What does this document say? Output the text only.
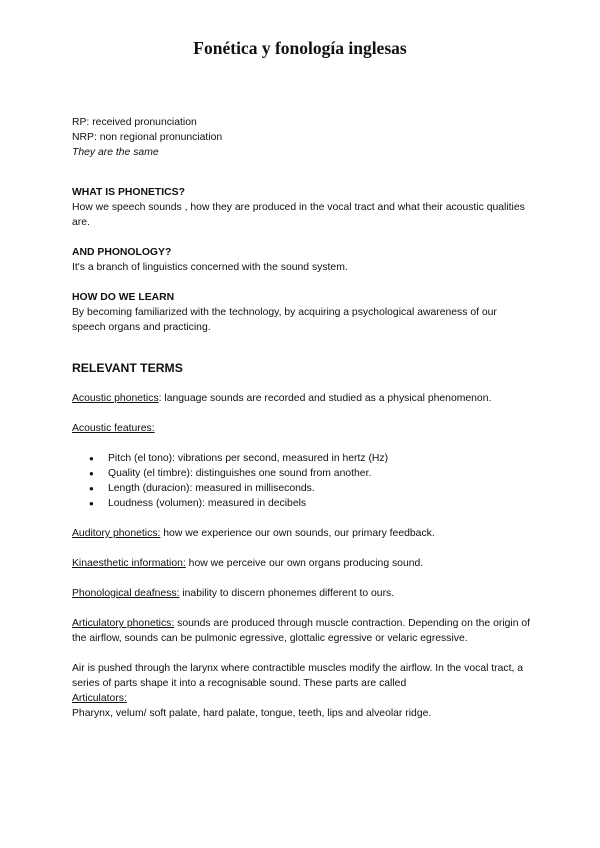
Fonética y fonología inglesas

RP: received pronunciation

NRP: non regional pronunciation

They are the same

WHAT IS PHONETICS?

How we speech sounds , how they are produced in the vocal tract and what their acoustic qualities are.

AND PHONOLOGY?

It's a branch of linguistics concerned with the sound system.

HOW DO WE LEARN

By becoming familiarized with the technology, by acquiring a psychological awareness of our speech organs and practicing.

RELEVANT TERMS

Acoustic phonetics: language sounds are recorded and studied as a physical phenomenon.

Acoustic features:

● Pitch (el tono): vibrations per second, measured in hertz (Hz)
● Quality (el timbre): distinguishes one sound from another.
● Length (duracion): measured in milliseconds.
● Loudness (volumen): measured in decibels

Auditory phonetics: how we experience our own sounds, our primary feedback.

Kinaesthetic information: how we perceive our own organs producing sound.

Phonological deafness: inability to discern phonemes different to ours.

Articulatory phonetics: sounds are produced through muscle contraction. Depending on the origin of the airflow, sounds can be pulmonic egressive, glottalic egressive or velaric egressive.

Air is pushed through the larynx where contractible muscles modify the airflow. In the vocal tract, a series of parts shape it into a recognisable sound. These parts are called

Articulators:

Pharynx, velum/ soft palate, hard palate, tongue, teeth, lips and alveolar ridge.
